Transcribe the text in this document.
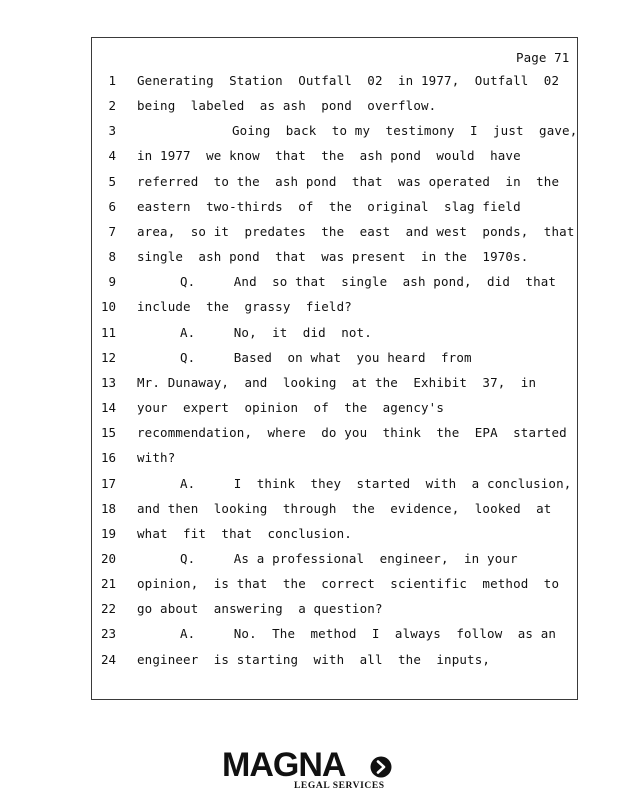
Page 71
1 Generating  Station  Outfall  02  in 1977,  Outfall  02
2 being  labeled  as ash  pond  overflow.
3	Going  back  to my  testimony  I  just  gave,
4 in 1977  we know  that  the  ash pond  would  have
5 referred  to the  ash pond  that  was operated  in  the
6 eastern  two-thirds  of  the  original  slag field
7 area,  so it  predates  the  east  and west  ponds,  that
8 single  ash pond  that  was present  in the  1970s.
9	Q.     And  so that  single  ash pond,  did  that
10 include  the  grassy  field?
11	A.     No,  it  did  not.
12	Q.     Based  on what  you heard  from
13 Mr. Dunaway,  and  looking  at the  Exhibit  37,  in
14 your  expert  opinion  of  the  agency's
15 recommendation,  where  do you  think  the  EPA  started
16 with?
17	A.     I  think  they  started  with  a conclusion,
18 and then  looking  through  the  evidence,  looked  at
19 what  fit  that  conclusion.
20	Q.     As a professional  engineer,  in your
21 opinion,  is that  the  correct  scientific  method  to
22 go about  answering  a question?
23	A.     No.  The  method  I  always  follow  as an
24 engineer  is starting  with  all  the  inputs,
MAGNA
LEGAL SERVICES
